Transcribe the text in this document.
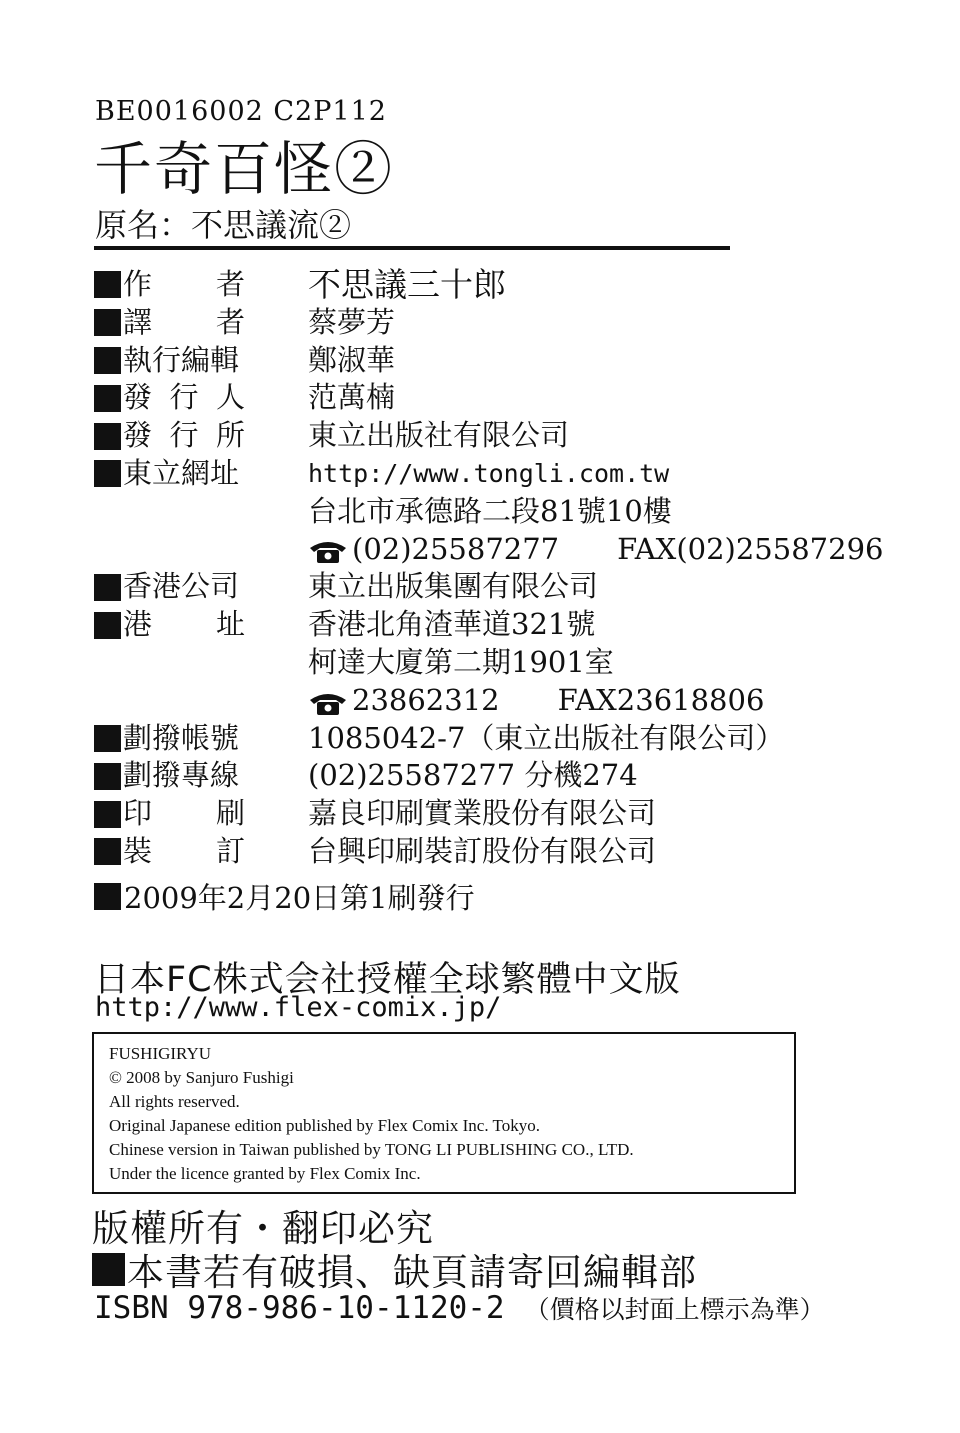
BE0016002 C2P112
千奇百怪②
原名：不思議流②
作 者 不思議三十郎
譯 者 蔡夢芳
執行編輯 鄭淑華
發 行 人 范萬楠
發 行 所 東立出版社有限公司
東立網址	http://www.tongli.com.tw
台北市承德路二段81號10樓
(02)25587277 FAX(02)25587296
香港公司 東立出版集團有限公司
港 址 香港北角渣華道321號
柯達大廈第二期1901室
23862312 FAX23618806
劃撥帳號 1085042-7（東立出版社有限公司）
劃撥專線 (02)25587277 分機274
印 刷 嘉良印刷實業股份有限公司
裝 訂 台興印刷裝訂股份有限公司
2009年2月20日第1刷發行
日本FC株式会社授權全球繁體中文版
http://www.flex-comix.jp/
FUSHIGIRYU
© 2008 by Sanjuro Fushigi
All rights reserved.
Original Japanese edition published by Flex Comix Inc. Tokyo.
Chinese version in Taiwan published by TONG LI PUBLISHING CO., LTD.
Under the licence granted by Flex Comix Inc.
版權所有・翻印必究
本書若有破損、缺頁請寄回編輯部
ISBN 978-986-10-1120-2 （價格以封面上標示為準）
